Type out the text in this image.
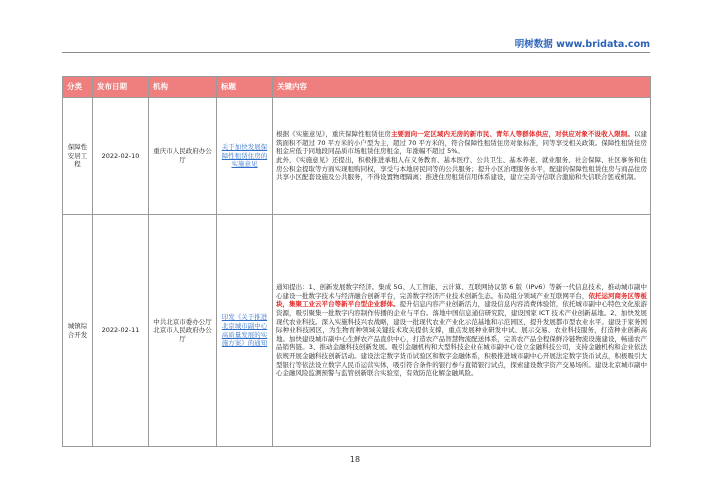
明树数据 www.bridata.com
分类	发布日期	机构	标题	关键内容
保障性安居工程	2022-02-10	重庆市人民政府办公厅	关于加快发展保障性租赁住房的实施意见	根据《实施意见》，重庆保障性租赁住房主要面向一定区域内无房的新市民、青年人等群体供应，对供应对象不设收入限制。以建筑面积不超过 70 平方米的小户型为主，超过 70 平方米的，符合保障性租赁住房对象标准，同等享受相关政策。保障性租赁住房租金应低于同地段同品质市场租赁住房租金，年涨幅不超过 5%。
此外，《实施意见》还提出，积极推进承租人在义务教育、基本医疗、公共卫生、基本养老、就业服务、社会保障、社区事务和住房公积金提取等方面实现租购同权，享受与本地居民同等的公共服务；提升小区治理服务水平，配建的保障性租赁住房与商品住房共享小区配套设施及公共服务，不得设置物理隔离；推进住房租赁信用体系建设，建立完善守信联合激励和失信联合惩戒机制。
城镇综合开发	2022-02-11	中共北京市委办公厅 北京市人民政府办公厅	印发《关于推进北京城市副中心高质量发展的实施方案》的通知	通知提出：1、创新发展数字经济。集成 5G、人工智能、云计算、互联网协议第 6 版（IPv6）等新一代信息技术，推动城市副中心建设一批数字技术与经济融合创新平台，完善数字经济产业技术创新生态。布局组分领域产业互联网平台，依托运河商务区等板块，集聚工业云平台等新平台型企业群体。提升信息内容产业创新活力，建设信息内容消费体验馆，依托城市副中心特色文化旅游资源，吸引聚集一批数字内容制作传播的企业与平台。落地中国信息通信研究院，建设国家 ICT 技术产业创新基地。2、加快发展现代农业科技。深入实施科技兴农战略，建设一批现代农业产业化示范基地和示范园区，提升发展都市型农业水平。建设于家务国际种业科技园区，为生物育种领域关键技术攻关提供支撑，重点发展种业研发中试、展示交易、农业科技服务，打造种业创新高地。加快建设城市副中心生鲜农产品直供中心，打造农产品智慧物流配送体系，完善农产品全程保鲜冷链物流设施建设，畅通农产品销售链。3、推动金融科技创新发展。吸引金融机构和大型科技企业在城市副中心设立金融科技公司，支持金融机构和企业依法依规开展金融科技创新活动。建设法定数字货币试验区和数字金融体系，积极推进城市副中心开展法定数字货币试点，积极吸引大型银行等依法设立数字人民币运营实体，吸引符合条件的银行参与直销银行试点，探索建设数字资产交易场所。建设北京城市副中心金融风险监测预警与监管创新联合实验室，有效防范化解金融风险。
18
